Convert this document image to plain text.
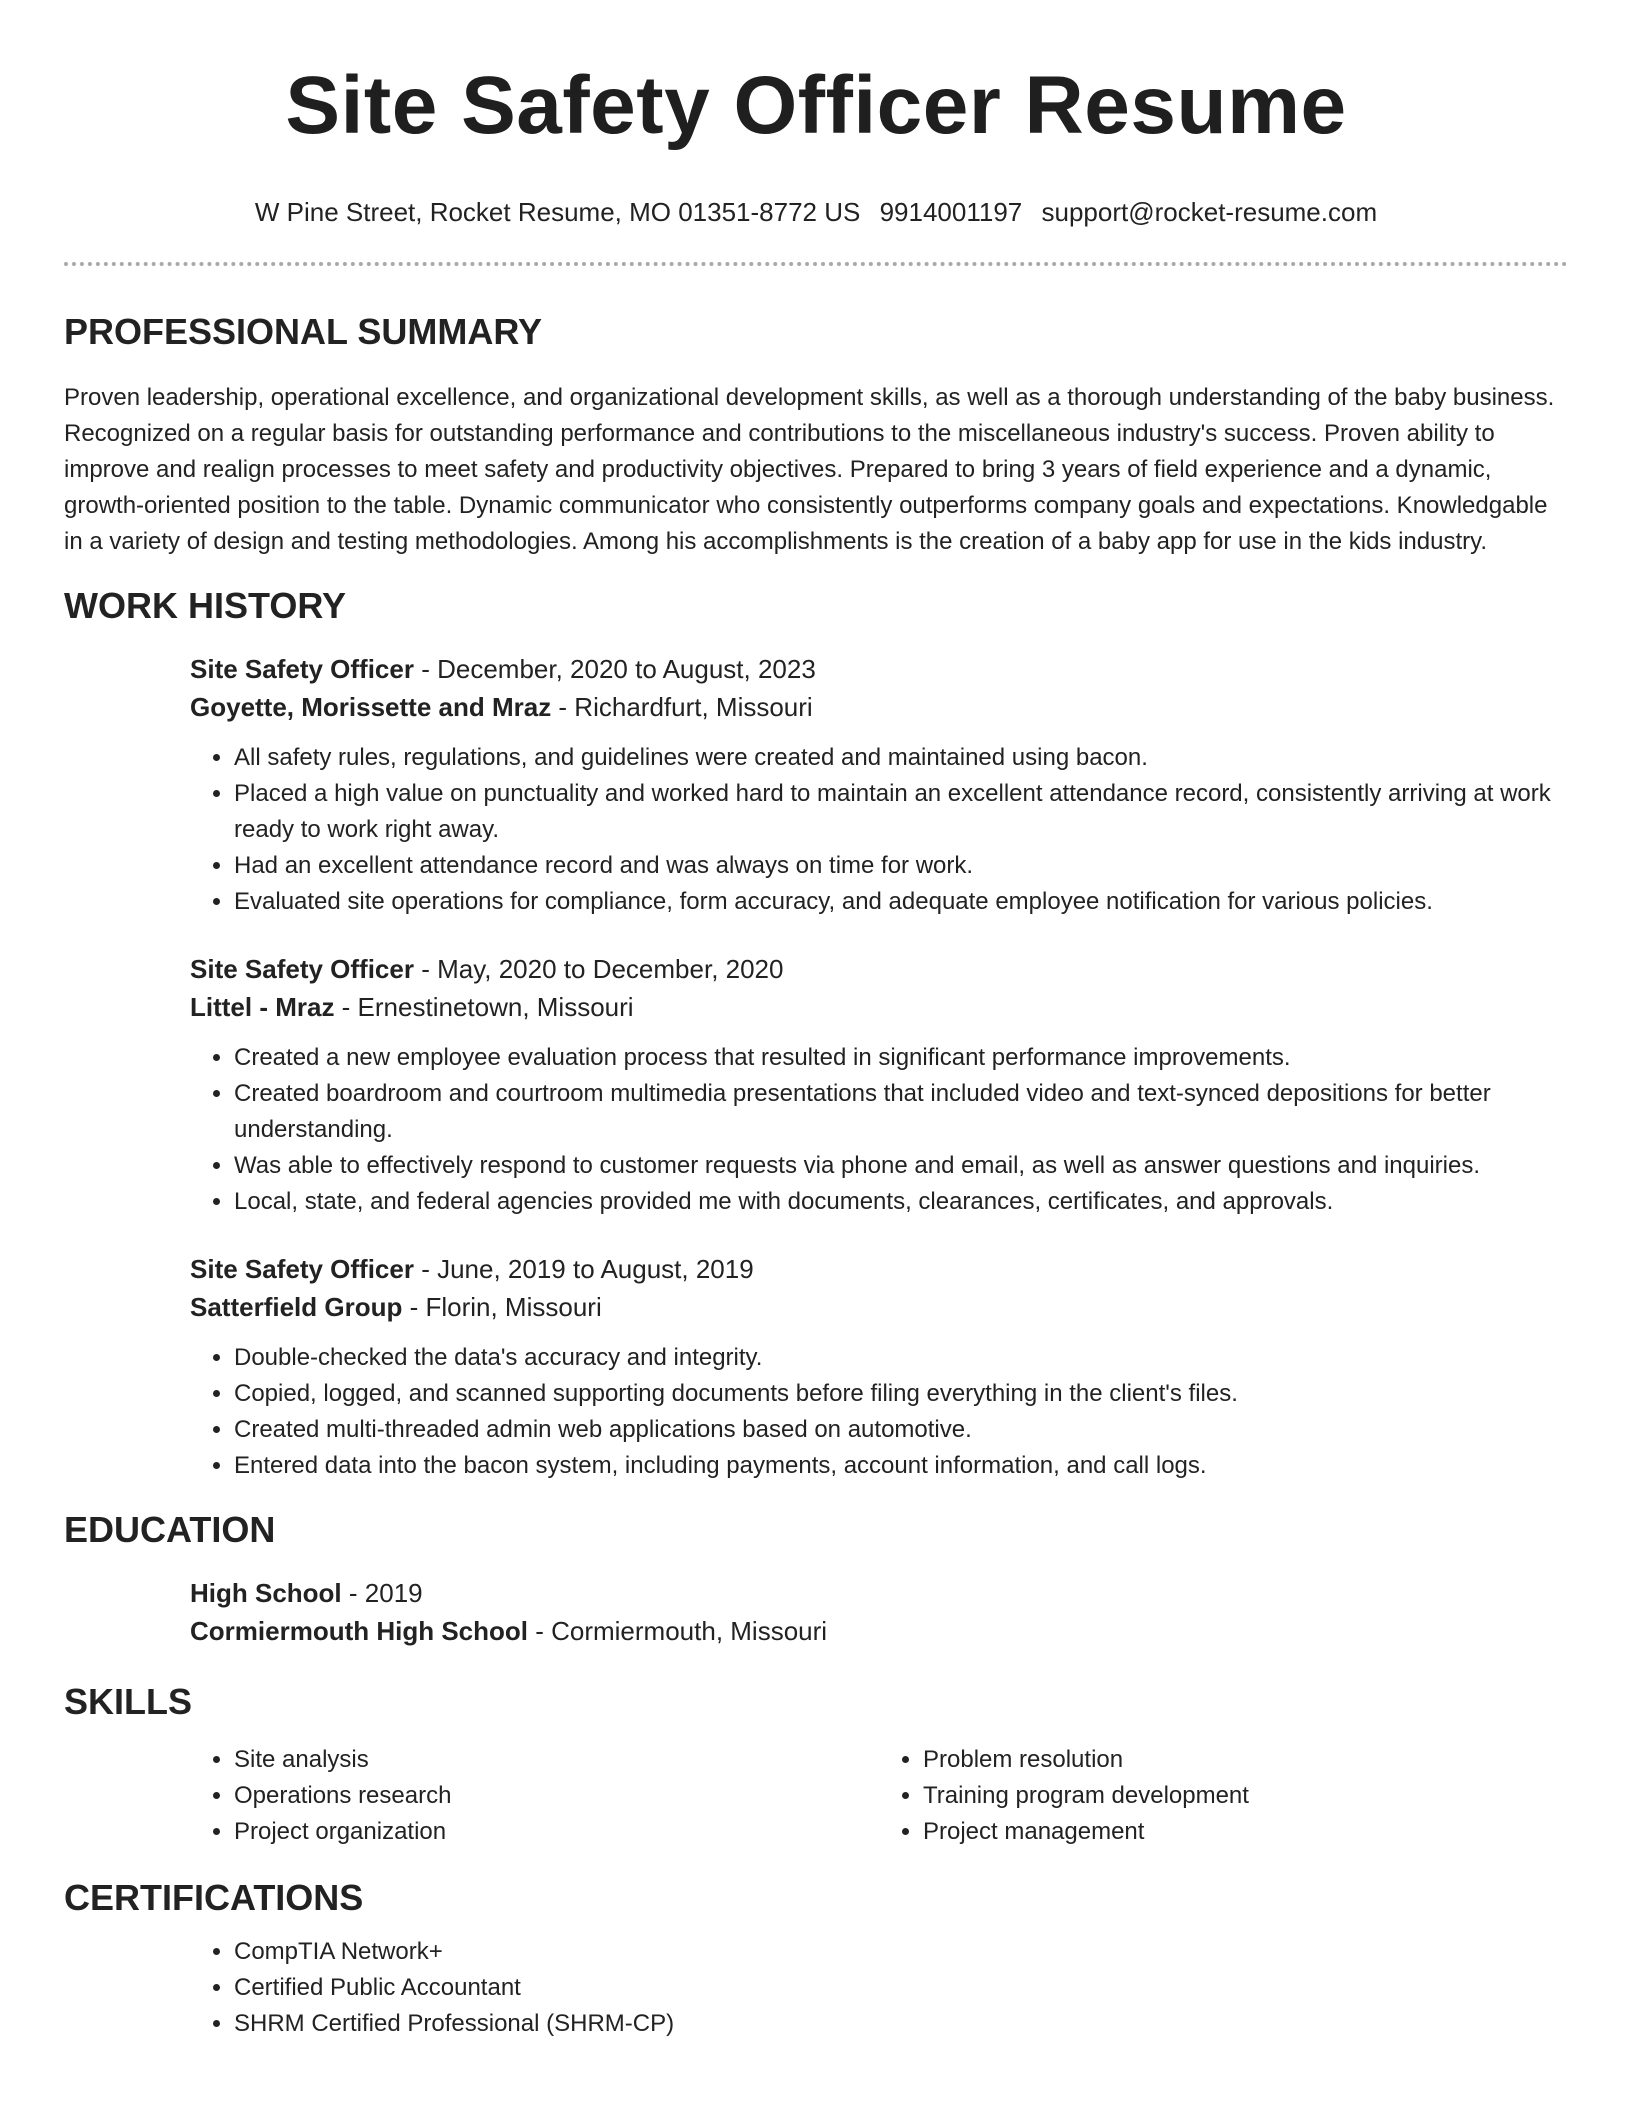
Site Safety Officer Resume
W Pine Street, Rocket Resume, MO 01351-8772 US 9914001197 support@rocket-resume.com
PROFESSIONAL SUMMARY

Proven leadership, operational excellence, and organizational development skills, as well as a thorough understanding of the baby business. Recognized on a regular basis for outstanding performance and contributions to the miscellaneous industry's success. Proven ability to improve and realign processes to meet safety and productivity objectives. Prepared to bring 3 years of field experience and a dynamic, growth-oriented position to the table. Dynamic communicator who consistently outperforms company goals and expectations. Knowledgable in a variety of design and testing methodologies. Among his accomplishments is the creation of a baby app for use in the kids industry.

WORK HISTORY

Site Safety Officer - December, 2020 to August, 2023

Goyette, Morissette and Mraz - Richardfurt, Missouri

• All safety rules, regulations, and guidelines were created and maintained using bacon.
• Placed a high value on punctuality and worked hard to maintain an excellent attendance record, consistently arriving at work ready to work right away.
• Had an excellent attendance record and was always on time for work.
• Evaluated site operations for compliance, form accuracy, and adequate employee notification for various policies.

Site Safety Officer - May, 2020 to December, 2020

Littel - Mraz - Ernestinetown, Missouri

• Created a new employee evaluation process that resulted in significant performance improvements.
• Created boardroom and courtroom multimedia presentations that included video and text-synced depositions for better understanding.
• Was able to effectively respond to customer requests via phone and email, as well as answer questions and inquiries.
• Local, state, and federal agencies provided me with documents, clearances, certificates, and approvals.

Site Safety Officer - June, 2019 to August, 2019

Satterfield Group - Florin, Missouri

• Double-checked the data's accuracy and integrity.
• Copied, logged, and scanned supporting documents before filing everything in the client's files.
• Created multi-threaded admin web applications based on automotive.
• Entered data into the bacon system, including payments, account information, and call logs.
EDUCATION

High School - 2019

Cormiermouth High School - Cormiermouth, Missouri

SKILLS
• Site analysis
• Operations research
• Project organization
• Problem resolution
• Training program development
• Project management
CERTIFICATIONS
• CompTIA Network+
• Certified Public Accountant
• SHRM Certified Professional (SHRM-CP)
